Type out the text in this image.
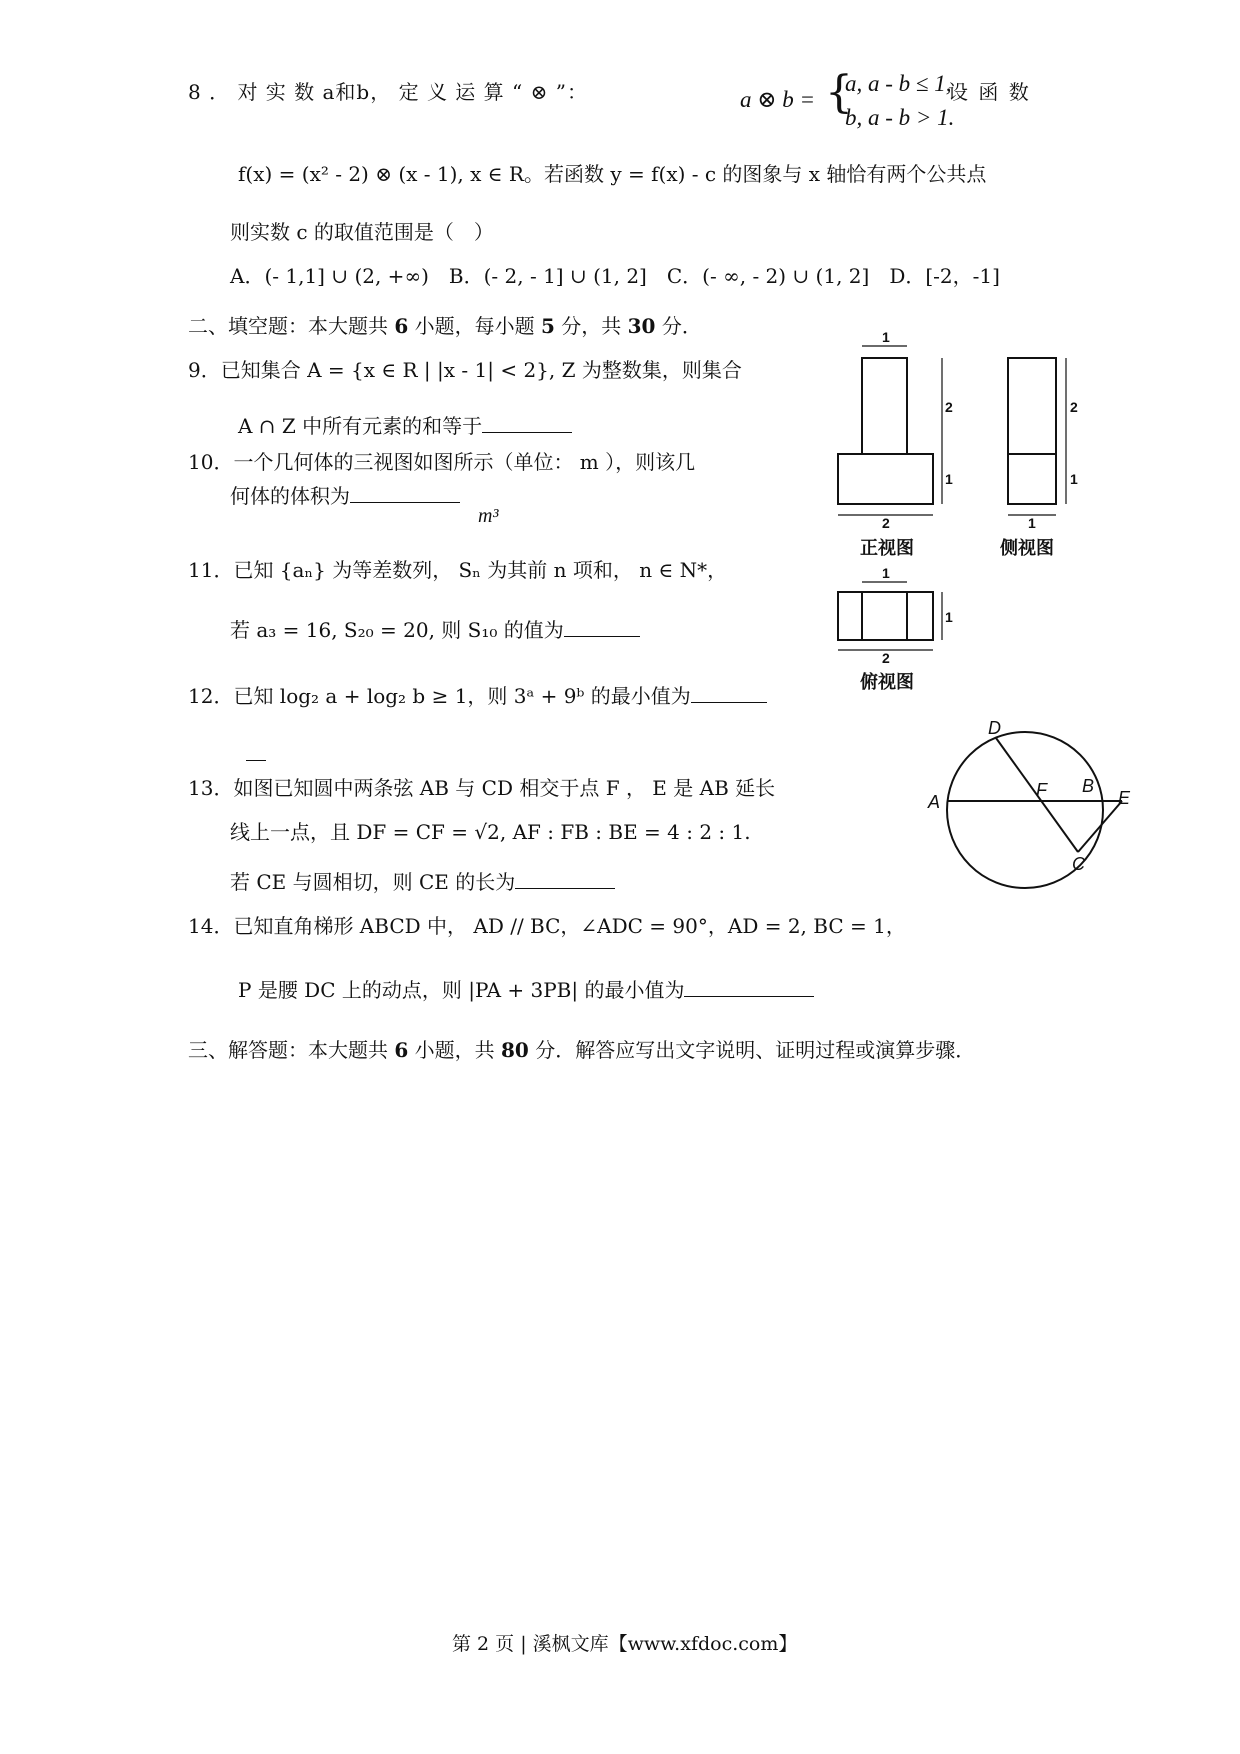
8 ． 对 实 数 a和b， 定 义 运 算 “ ⊗ ”：	a ⊗ b = {
a, a - b ≤ 1,
b, a - b > 1.
设 函 数
f(x) = (x² - 2) ⊗ (x - 1), x ∈ R。若函数 y = f(x) - c 的图象与 x 轴恰有两个公共点
则实数 c 的取值范围是（　）
A．(- 1,1] ∪ (2, +∞)　B．(- 2, - 1] ∪ (1, 2]　C．(- ∞, - 2) ∪ (1, 2]　D．[-2，-1]
二、填空题：本大题共 6 小题，每小题 5 分，共 30 分．
9．已知集合 A = {x ∈ R | |x - 1| < 2}, Z 为整数集，则集合
A ∩ Z 中所有元素的和等于
10．一个几何体的三视图如图所示（单位： m ），则该几
何体的体积为
m³
11．已知 {aₙ} 为等差数列， Sₙ 为其前 n 项和， n ∈ N*，
若 a₃ = 16, S₂₀ = 20, 则 S₁₀ 的值为
12．已知 log₂ a + log₂ b ≥ 1，则 3ᵃ + 9ᵇ 的最小值为
13．如图已知圆中两条弦 AB 与 CD 相交于点 F ， E 是 AB 延长
线上一点，且 DF = CF = √2, AF : FB : BE = 4 : 2 : 1.
若 CE 与圆相切，则 CE 的长为
14．已知直角梯形 ABCD 中， AD // BC，∠ADC = 90°，AD = 2, BC = 1，
P 是腰 DC 上的动点，则 |PA + 3PB| 的最小值为
三、解答题：本大题共 6 小题，共 80 分．解答应写出文字说明、证明过程或演算步骤．
1
2
1
2
正视图
2
1
1
侧视图
1
1
2
俯视图
A
D
F B
E
C
第 2 页 | 溪枫文库【www.xfdoc.com】
